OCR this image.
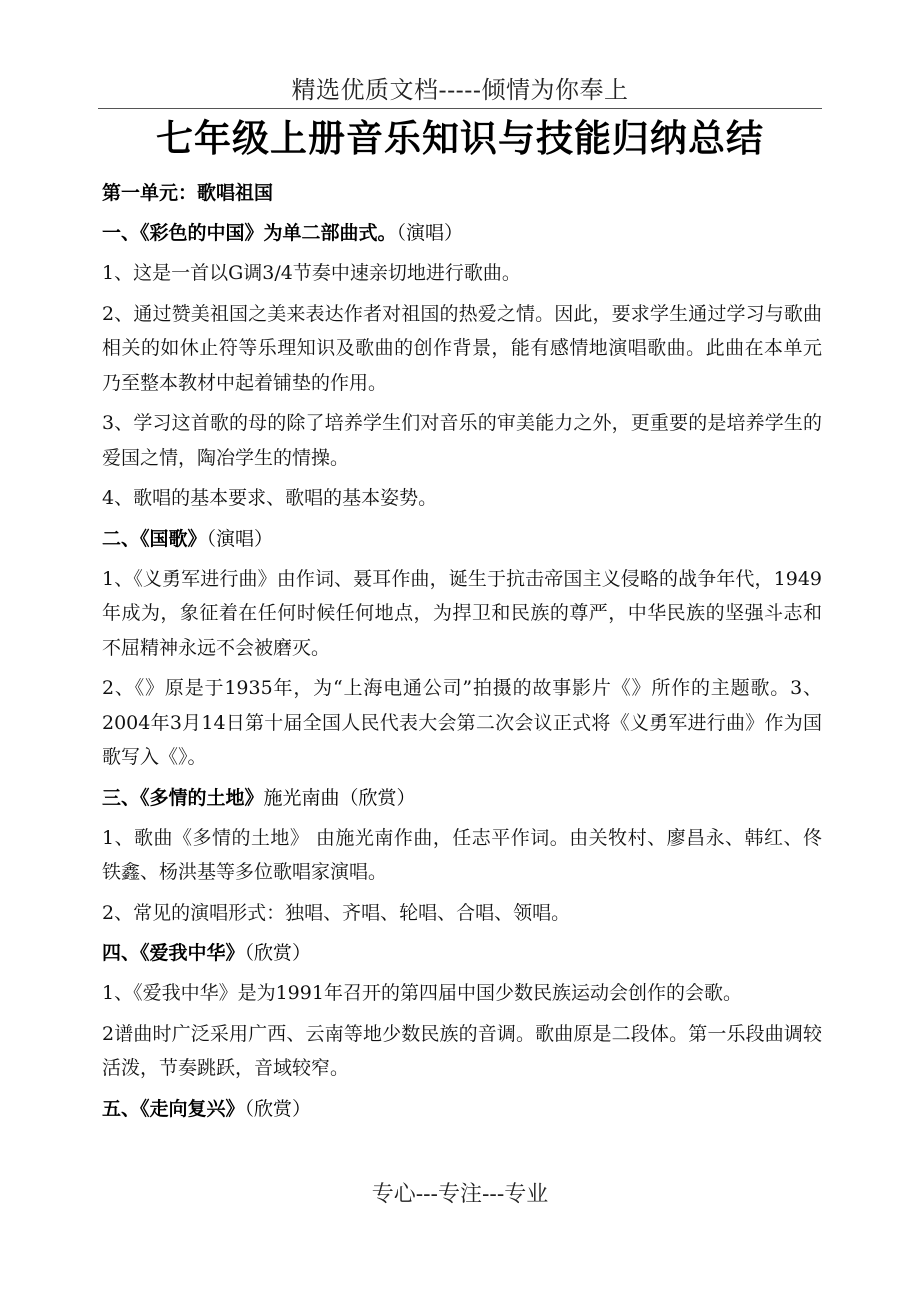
精选优质文档-----倾情为你奉上
七年级上册音乐知识与技能归纳总结
第一单元：歌唱祖国
一、《彩色的中国》为单二部曲式。（演唱）

1、这是一首以G调3/4节奏中速亲切地进行歌曲。

2、通过赞美祖国之美来表达作者对祖国的热爱之情。因此，要求学生通过学习与歌曲相关的如休止符等乐理知识及歌曲的创作背景，能有感情地演唱歌曲。此曲在本单元乃至整本教材中起着铺垫的作用。

3、学习这首歌的母的除了培养学生们对音乐的审美能力之外，更重要的是培养学生的爱国之情，陶冶学生的情操。

4、歌唱的基本要求、歌唱的基本姿势。

二、《国歌》（演唱）

1、《义勇军进行曲》由作词、聂耳作曲，诞生于抗击帝国主义侵略的战争年代，1949年成为，象征着在任何时候任何地点，为捍卫和民族的尊严，中华民族的坚强斗志和不屈精神永远不会被磨灭。

2、《》原是于1935年，为“上海电通公司”拍摄的故事影片《》所作的主题歌。3、2004年3月14日第十届全国人民代表大会第二次会议正式将《义勇军进行曲》作为国歌写入《》。

三、《多情的土地》施光南曲（欣赏）

1、歌曲《多情的土地》 由施光南作曲，任志平作词。由关牧村、廖昌永、韩红、佟铁鑫、杨洪基等多位歌唱家演唱。

2、常见的演唱形式：独唱、齐唱、轮唱、合唱、领唱。

四、《爱我中华》（欣赏）

1、《爱我中华》是为1991年召开的第四届中国少数民族运动会创作的会歌。

2谱曲时广泛采用广西、云南等地少数民族的音调。歌曲原是二段体。第一乐段曲调较活泼，节奏跳跃，音域较窄。

五、《走向复兴》（欣赏）
专心---专注---专业
